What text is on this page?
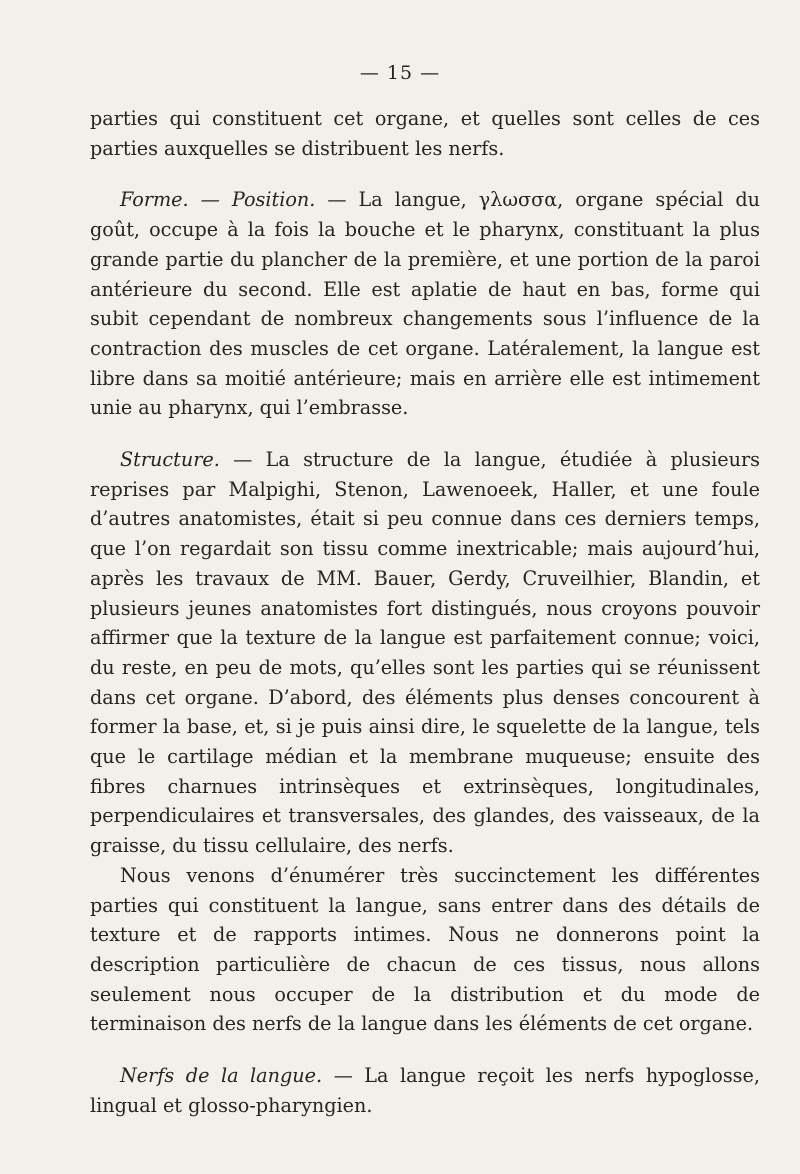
— 15 —

parties qui constituent cet organe, et quelles sont celles de ces parties auxquelles se distribuent les nerfs.

Forme. — Position. — La langue, γλωσσα, organe spécial du goût, occupe à la fois la bouche et le pharynx, constituant la plus grande partie du plancher de la première, et une portion de la paroi antérieure du second. Elle est aplatie de haut en bas, forme qui subit cependant de nombreux changements sous l’influence de la contraction des muscles de cet organe. Latéralement, la langue est libre dans sa moitié antérieure; mais en arrière elle est intimement unie au pharynx, qui l’embrasse.

Structure. — La structure de la langue, étudiée à plusieurs reprises par Malpighi, Stenon, Lawenoeek, Haller, et une foule d’autres anatomistes, était si peu connue dans ces derniers temps, que l’on regardait son tissu comme inextricable; mais aujourd’hui, après les travaux de MM. Bauer, Gerdy, Cruveilhier, Blandin, et plusieurs jeunes anatomistes fort distingués, nous croyons pouvoir affirmer que la texture de la langue est parfaitement connue; voici, du reste, en peu de mots, qu’elles sont les parties qui se réunissent dans cet organe. D’abord, des éléments plus denses concourent à former la base, et, si je puis ainsi dire, le squelette de la langue, tels que le cartilage médian et la membrane muqueuse; ensuite des fibres charnues intrinsèques et extrinsèques, longitudinales, perpendiculaires et transversales, des glandes, des vaisseaux, de la graisse, du tissu cellulaire, des nerfs.

Nous venons d’énumérer très succinctement les différentes parties qui constituent la langue, sans entrer dans des détails de texture et de rapports intimes. Nous ne donnerons point la description particulière de chacun de ces tissus, nous allons seulement nous occuper de la distribution et du mode de terminaison des nerfs de la langue dans les éléments de cet organe.

Nerfs de la langue. — La langue reçoit les nerfs hypoglosse, lingual et glosso-pharyngien.
